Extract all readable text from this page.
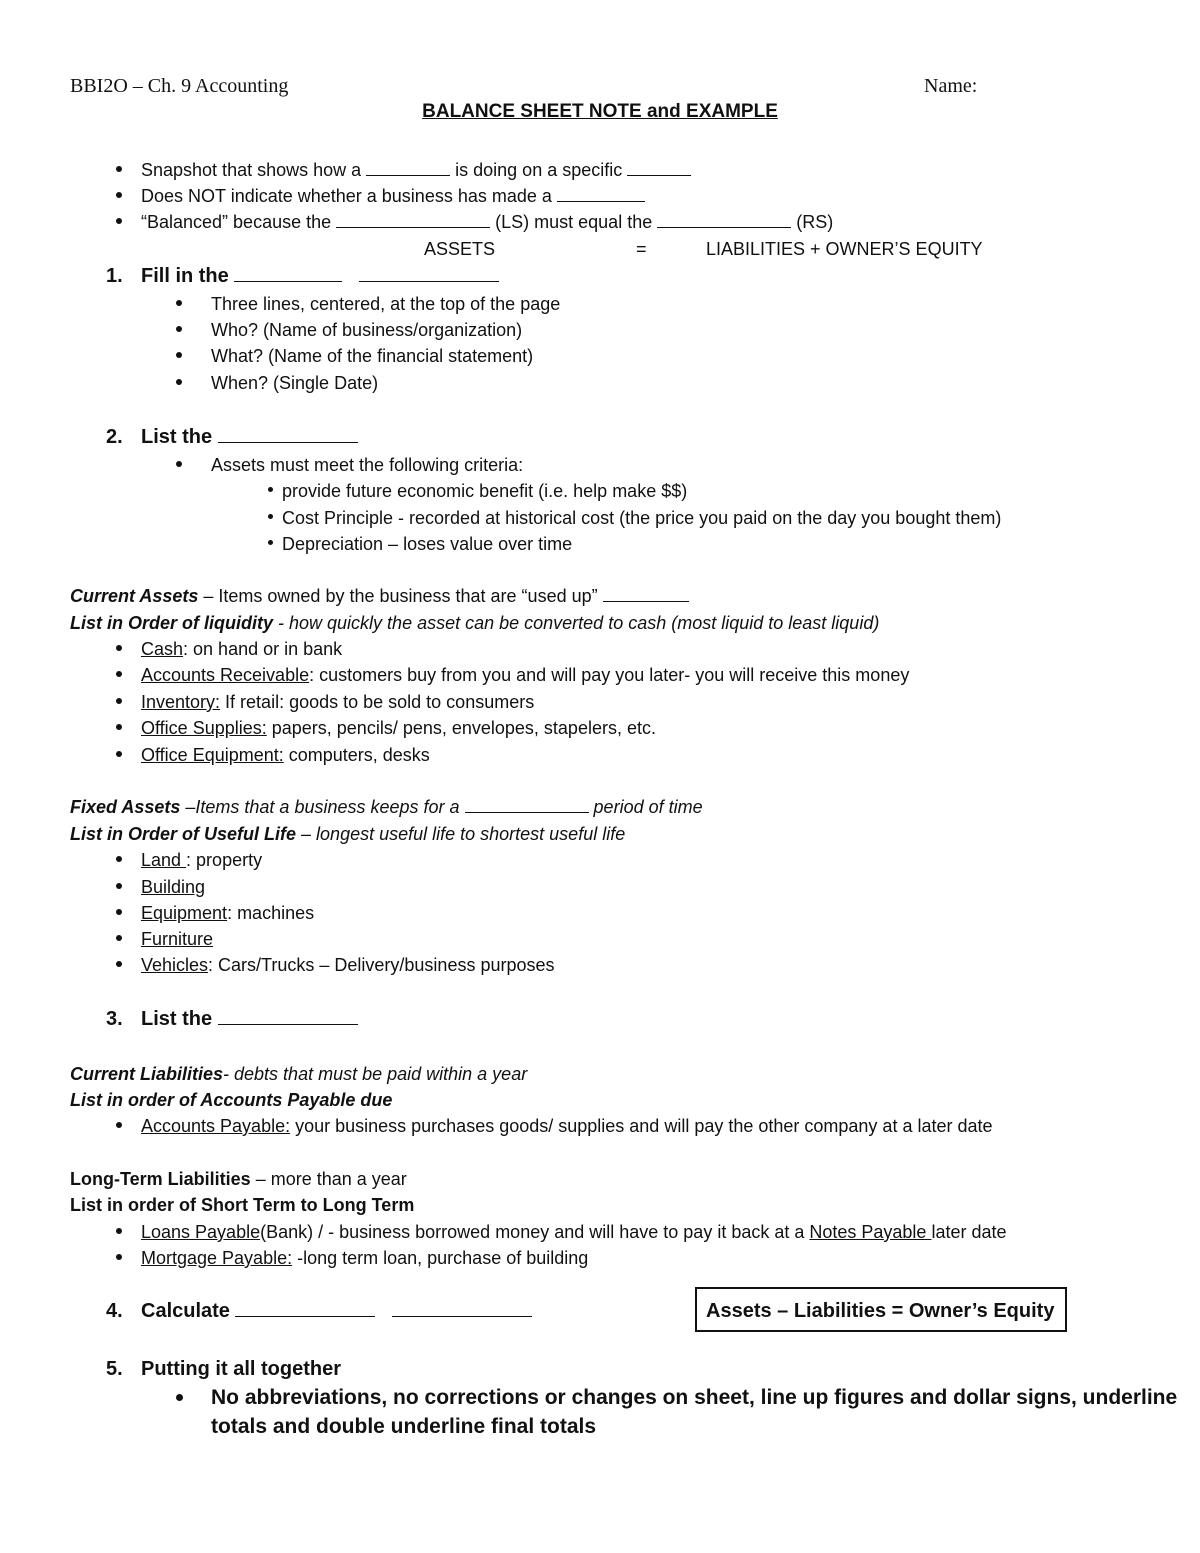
BBI2O – Ch. 9 Accounting	Name:
BALANCE SHEET NOTE and EXAMPLE
Snapshot that shows how a	is doing on a specific
Does NOT indicate whether a business has made a
“Balanced” because the	(LS) must equal the	(RS)
ASSETS	=	LIABILITIES + OWNER’S EQUITY
1. Fill in the
Three lines, centered, at the top of the page
Who? (Name of business/organization)
What? (Name of the financial statement)
When? (Single Date)
2. List the
Assets must meet the following criteria:
provide future economic benefit (i.e. help make $$)
Cost Principle - recorded at historical cost (the price you paid on the day you bought them)
Depreciation – loses value over time
Current Assets – Items owned by the business that are “used up”
List in Order of liquidity - how quickly the asset can be converted to cash (most liquid to least liquid)
Cash: on hand or in bank
Accounts Receivable: customers buy from you and will pay you later- you will receive this money
Inventory: If retail: goods to be sold to consumers
Office Supplies: papers, pencils/ pens, envelopes, stapelers, etc.
Office Equipment: computers, desks
Fixed Assets –Items that a business keeps for a	period of time
List in Order of Useful Life – longest useful life to shortest useful life
Land : property
Building
Equipment: machines
Furniture
Vehicles: Cars/Trucks – Delivery/business purposes
3. List the
Current Liabilities- debts that must be paid within a year
List in order of Accounts Payable due
Accounts Payable: your business purchases goods/ supplies and will pay the other company at a later date
Long-Term Liabilities – more than a year
List in order of Short Term to Long Term
Loans Payable(Bank) / - business borrowed money and will have to pay it back at a Notes Payable later date
Mortgage Payable: -long term loan, purchase of building
4. Calculate	Assets – Liabilities = Owner’s Equity
5. Putting it all together
No abbreviations, no corrections or changes on sheet, line up figures and dollar signs, underline
totals and double underline final totals
